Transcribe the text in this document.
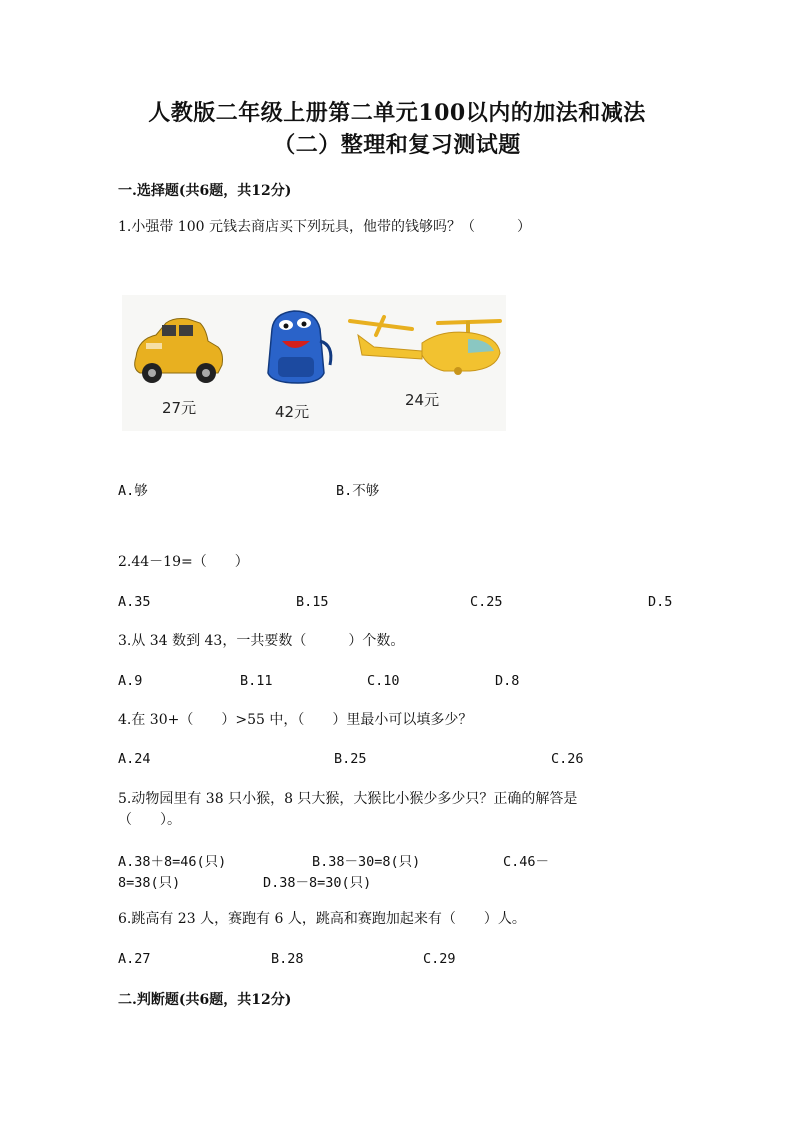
人教版二年级上册第二单元100以内的加法和减法
（二）整理和复习测试题
一.选择题(共6题，共12分)
1.小强带 100 元钱去商店买下列玩具，他带的钱够吗？（　　　）
27元	42元
24元
A.够	B.不够
2.44－19=（　　）
A.35	B.15	C.25	D.5
3.从 34 数到 43，一共要数（　　　）个数。
A.9	B.11	C.10	D.8
4.在 30+（　　）>55 中，（　　）里最小可以填多少？
A.24	B.25	C.26
5.动物园里有 38 只小猴，8 只大猴，大猴比小猴少多少只？正确的解答是
（　　）。
A.38＋8=46(只)	B.38－30=8(只)	C.46－
8=38(只)	D.38－8=30(只)
6.跳高有 23 人，赛跑有 6 人，跳高和赛跑加起来有（　　）人。
A.27	B.28	C.29
二.判断题(共6题，共12分)
